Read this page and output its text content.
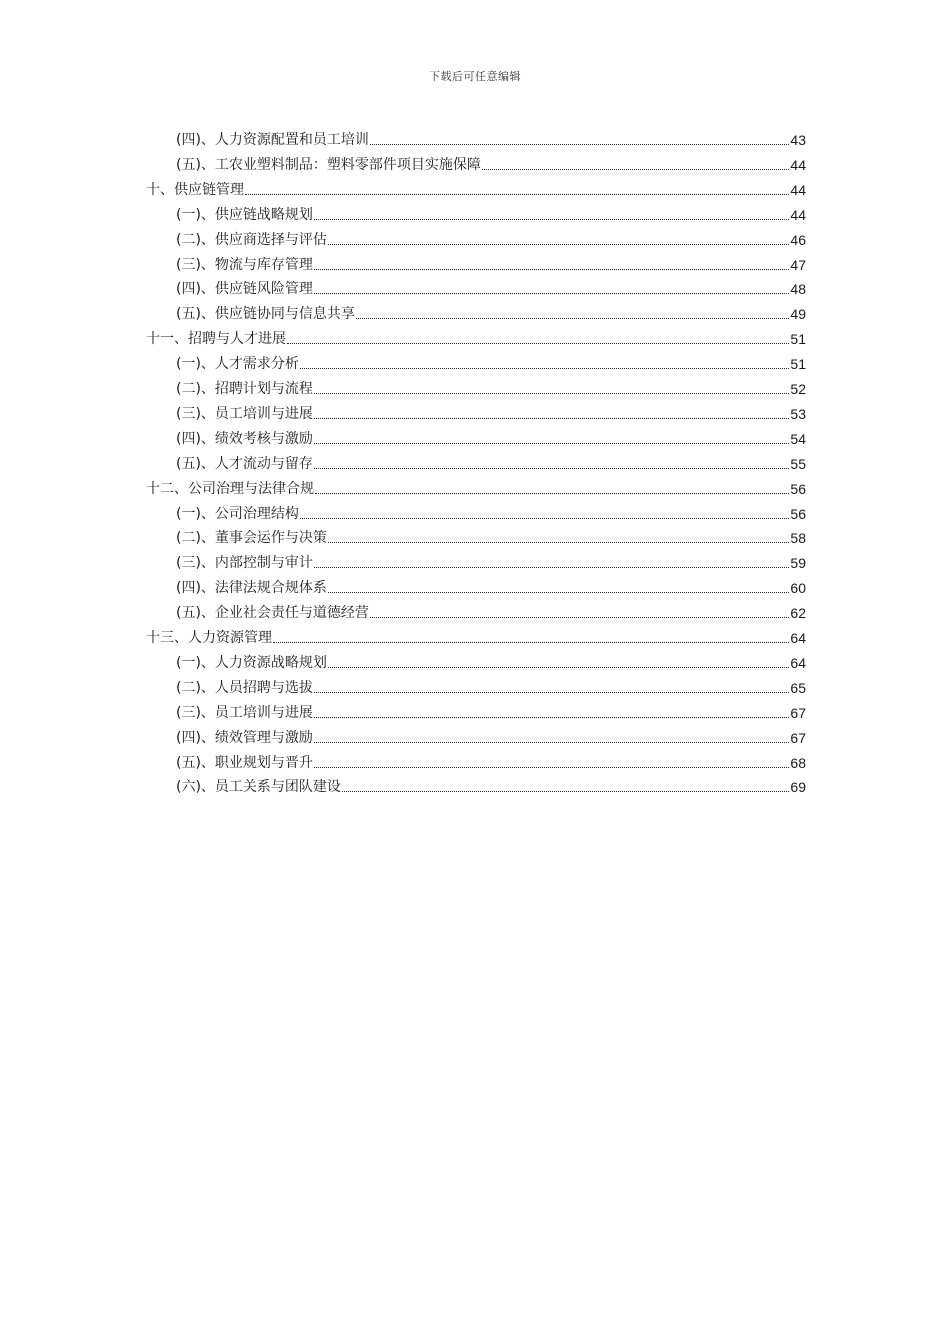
下载后可任意编辑
(四)、人力资源配置和员工培训	43
(五)、工农业塑料制品：塑料零部件项目实施保障	44
十、供应链管理	44
(一)、供应链战略规划	44
(二)、供应商选择与评估	46
(三)、物流与库存管理	47
(四)、供应链风险管理	48
(五)、供应链协同与信息共享	49
十一、招聘与人才进展	51
(一)、人才需求分析	51
(二)、招聘计划与流程	52
(三)、员工培训与进展	53
(四)、绩效考核与激励	54
(五)、人才流动与留存	55
十二、公司治理与法律合规	56
(一)、公司治理结构	56
(二)、董事会运作与决策	58
(三)、内部控制与审计	59
(四)、法律法规合规体系	60
(五)、企业社会责任与道德经营	62
十三、人力资源管理	64
(一)、人力资源战略规划	64
(二)、人员招聘与选拔	65
(三)、员工培训与进展	67
(四)、绩效管理与激励	67
(五)、职业规划与晋升	68
(六)、员工关系与团队建设	69
